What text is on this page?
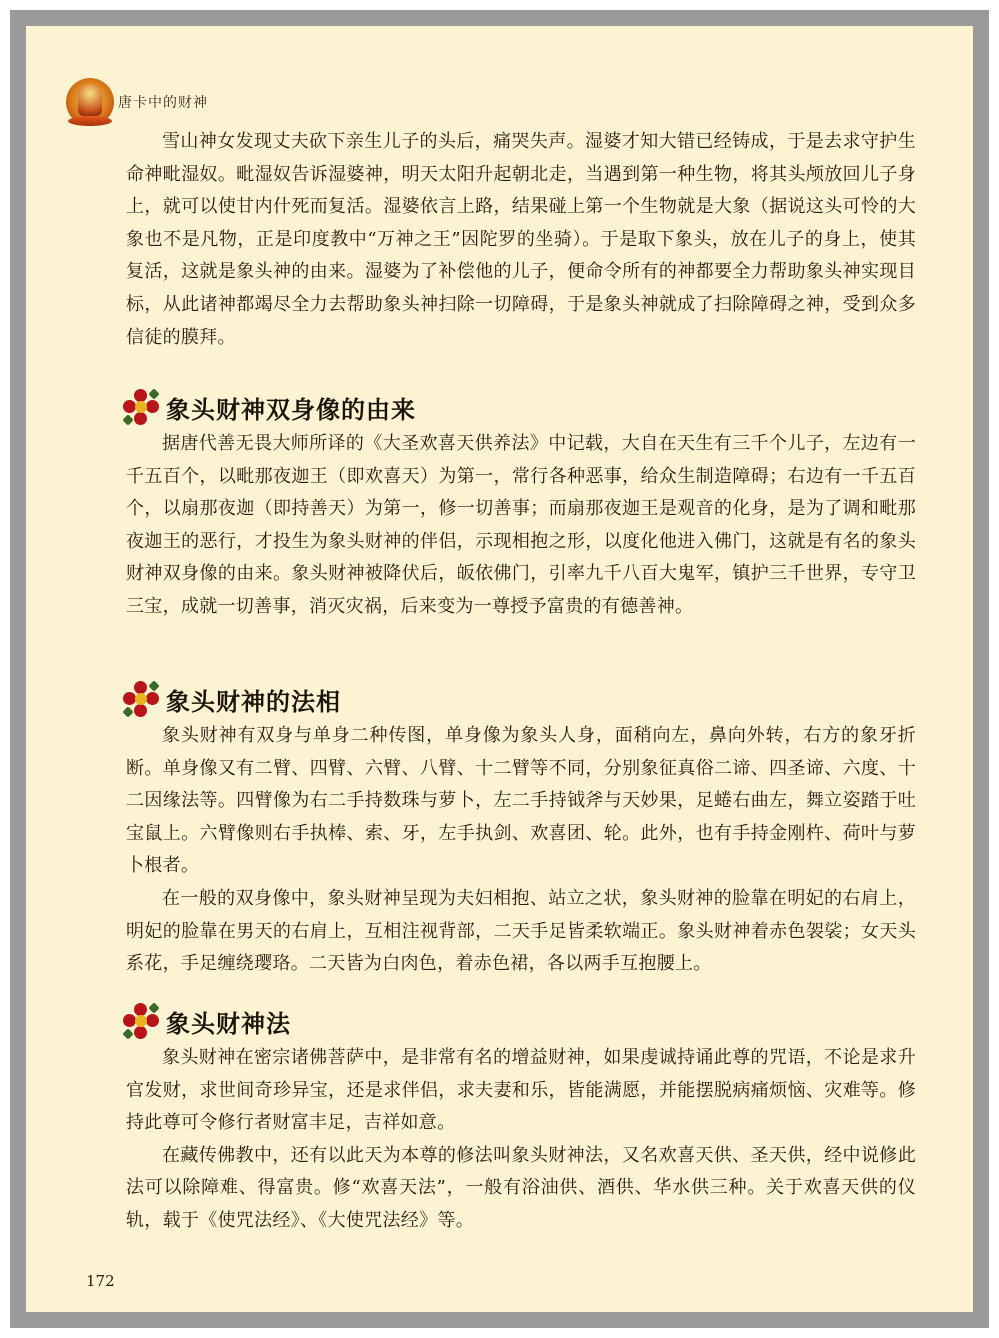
唐卡中的财神

雪山神女发现丈夫砍下亲生儿子的头后，痛哭失声。湿婆才知大错已经铸成，于是去求守护生命神毗湿奴。毗湿奴告诉湿婆神，明天太阳升起朝北走，当遇到第一种生物，将其头颅放回儿子身上，就可以使甘内什死而复活。湿婆依言上路，结果碰上第一个生物就是大象（据说这头可怜的大象也不是凡物，正是印度教中“万神之王”因陀罗的坐骑）。于是取下象头，放在儿子的身上，使其复活，这就是象头神的由来。湿婆为了补偿他的儿子，便命令所有的神都要全力帮助象头神实现目标，从此诸神都竭尽全力去帮助象头神扫除一切障碍，于是象头神就成了扫除障碍之神，受到众多信徒的膜拜。

象头财神双身像的由来

据唐代善无畏大师所译的《大圣欢喜天供养法》中记载，大自在天生有三千个儿子，左边有一千五百个，以毗那夜迦王（即欢喜天）为第一，常行各种恶事，给众生制造障碍；右边有一千五百个，以扇那夜迦（即持善天）为第一，修一切善事；而扇那夜迦王是观音的化身，是为了调和毗那夜迦王的恶行，才投生为象头财神的伴侣，示现相抱之形，以度化他进入佛门，这就是有名的象头财神双身像的由来。象头财神被降伏后，皈依佛门，引率九千八百大鬼军，镇护三千世界，专守卫三宝，成就一切善事，消灭灾祸，后来变为一尊授予富贵的有德善神。

象头财神的法相

象头财神有双身与单身二种传图，单身像为象头人身，面稍向左，鼻向外转，右方的象牙折断。单身像又有二臂、四臂、六臂、八臂、十二臂等不同，分别象征真俗二谛、四圣谛、六度、十二因缘法等。四臂像为右二手持数珠与萝卜，左二手持钺斧与天妙果，足蜷右曲左，舞立姿踏于吐宝鼠上。六臂像则右手执棒、索、牙，左手执剑、欢喜团、轮。此外，也有手持金刚杵、荷叶与萝卜根者。

在一般的双身像中，象头财神呈现为夫妇相抱、站立之状，象头财神的脸靠在明妃的右肩上，明妃的脸靠在男天的右肩上，互相注视背部，二天手足皆柔软端正。象头财神着赤色袈裟；女天头系花，手足缠绕璎珞。二天皆为白肉色，着赤色裙，各以两手互抱腰上。

象头财神法

象头财神在密宗诸佛菩萨中，是非常有名的增益财神，如果虔诚持诵此尊的咒语，不论是求升官发财，求世间奇珍异宝，还是求伴侣，求夫妻和乐，皆能满愿，并能摆脱病痛烦恼、灾难等。修持此尊可令修行者财富丰足，吉祥如意。

在藏传佛教中，还有以此天为本尊的修法叫象头财神法，又名欢喜天供、圣天供，经中说修此法可以除障难、得富贵。修“欢喜天法”，一般有浴油供、酒供、华水供三种。关于欢喜天供的仪轨，载于《使咒法经》、《大使咒法经》等。

172
